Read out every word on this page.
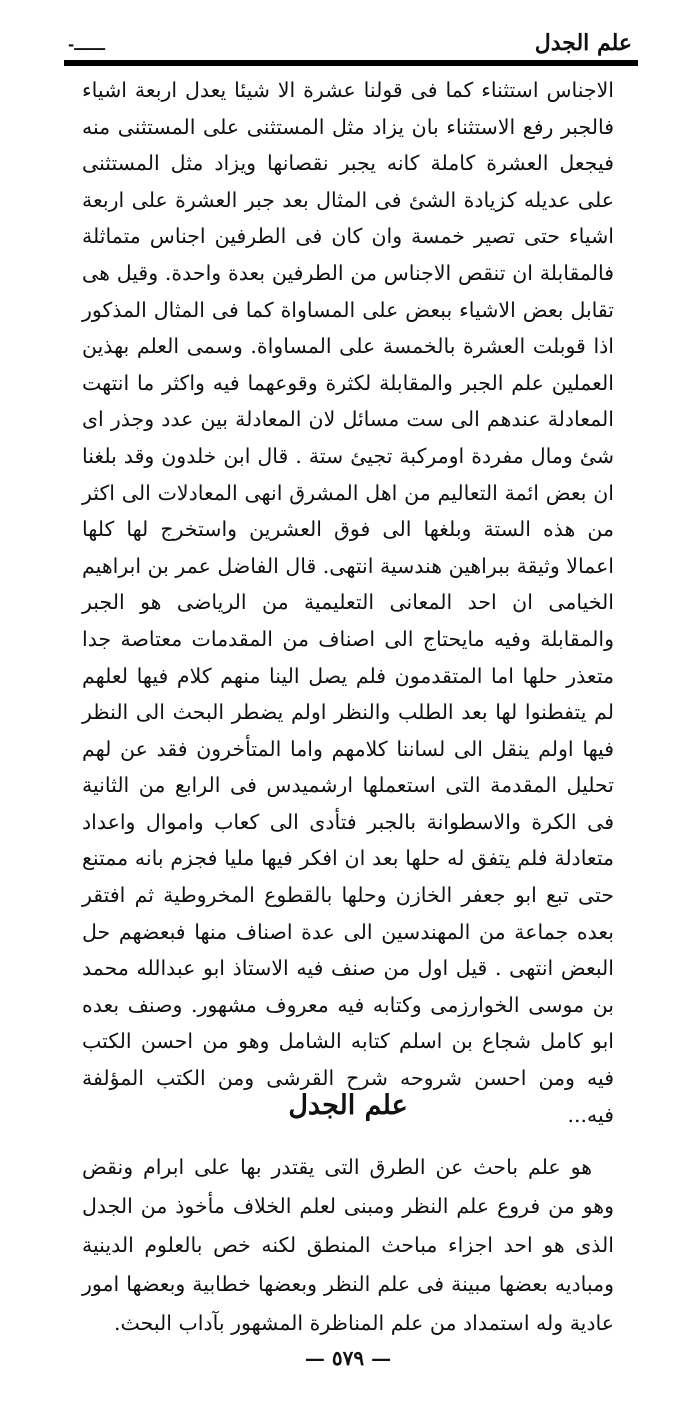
علم الجدل
-ــــــ

الاجناس استثناء كما فى قولنا عشرة الا شيئا يعدل اربعة اشياء فالجبر رفع الاستثناء بان يزاد مثل المستثنى على المستثنى منه فيجعل العشرة كاملة كانه يجبر نقصانها ويزاد مثل المستثنى على عديله كزيادة الشئ فى المثال بعد جبر العشرة على اربعة اشياء حتى تصير خمسة وان كان فى الطرفين اجناس متماثلة فالمقابلة ان تنقص الاجناس من الطرفين بعدة واحدة. وقيل هى تقابل بعض الاشياء ببعض على المساواة كما فى المثال المذكور اذا قوبلت العشرة بالخمسة على المساواة. وسمى العلم بهذين العملين علم الجبر والمقابلة لكثرة وقوعهما فيه واكثر ما انتهت المعادلة عندهم الى ست مسائل لان المعادلة بين عدد وجذر اى شئ ومال مفردة اومركبة تجيئ ستة . قال ابن خلدون وقد بلغنا ان بعض ائمة التعاليم من اهل المشرق انهى المعادلات الى اكثر من هذه الستة وبلغها الى فوق العشرين واستخرج لها كلها اعمالا وثيقة ببراهين هندسية انتهى. قال الفاضل عمر بن ابراهيم الخيامى ان احد المعانى التعليمية من الرياضى هو الجبر والمقابلة وفيه مايحتاج الى اصناف من المقدمات معتاصة جدا متعذر حلها اما المتقدمون فلم يصل الينا منهم كلام فيها لعلهم لم يتفطنوا لها بعد الطلب والنظر اولم يضطر البحث الى النظر فيها اولم ينقل الى لساننا كلامهم واما المتأخرون فقد عن لهم تحليل المقدمة التى استعملها ارشميدس فى الرابع من الثانية فى الكرة والاسطوانة بالجبر فتأدى الى كعاب واموال واعداد متعادلة فلم يتفق له حلها بعد ان افكر فيها مليا فجزم بانه ممتنع حتى تبع ابو جعفر الخازن وحلها بالقطوع المخروطية ثم افتقر بعده جماعة من المهندسين الى عدة اصناف منها فبعضهم حل البعض انتهى . قيل اول من صنف فيه الاستاذ ابو عبدالله محمد بن موسى الخوارزمى وكتابه فيه معروف مشهور. وصنف بعده ابو كامل شجاع بن اسلم كتابه الشامل وهو من احسن الكتب فيه ومن احسن شروحه شرح القرشى ومن الكتب المؤلفة فيه...

علم الجدل

هو علم باحث عن الطرق التى يقتدر بها على ابرام ونقض وهو من فروع علم النظر ومبنى لعلم الخلاف مأخوذ من الجدل الذى هو احد اجزاء مباحث المنطق لكنه خص بالعلوم الدينية ومباديه بعضها مبينة فى علم النظر وبعضها خطابية وبعضها امور عادية وله استمداد من علم المناظرة المشهور بآداب البحث.

— ٥٧٩ —
